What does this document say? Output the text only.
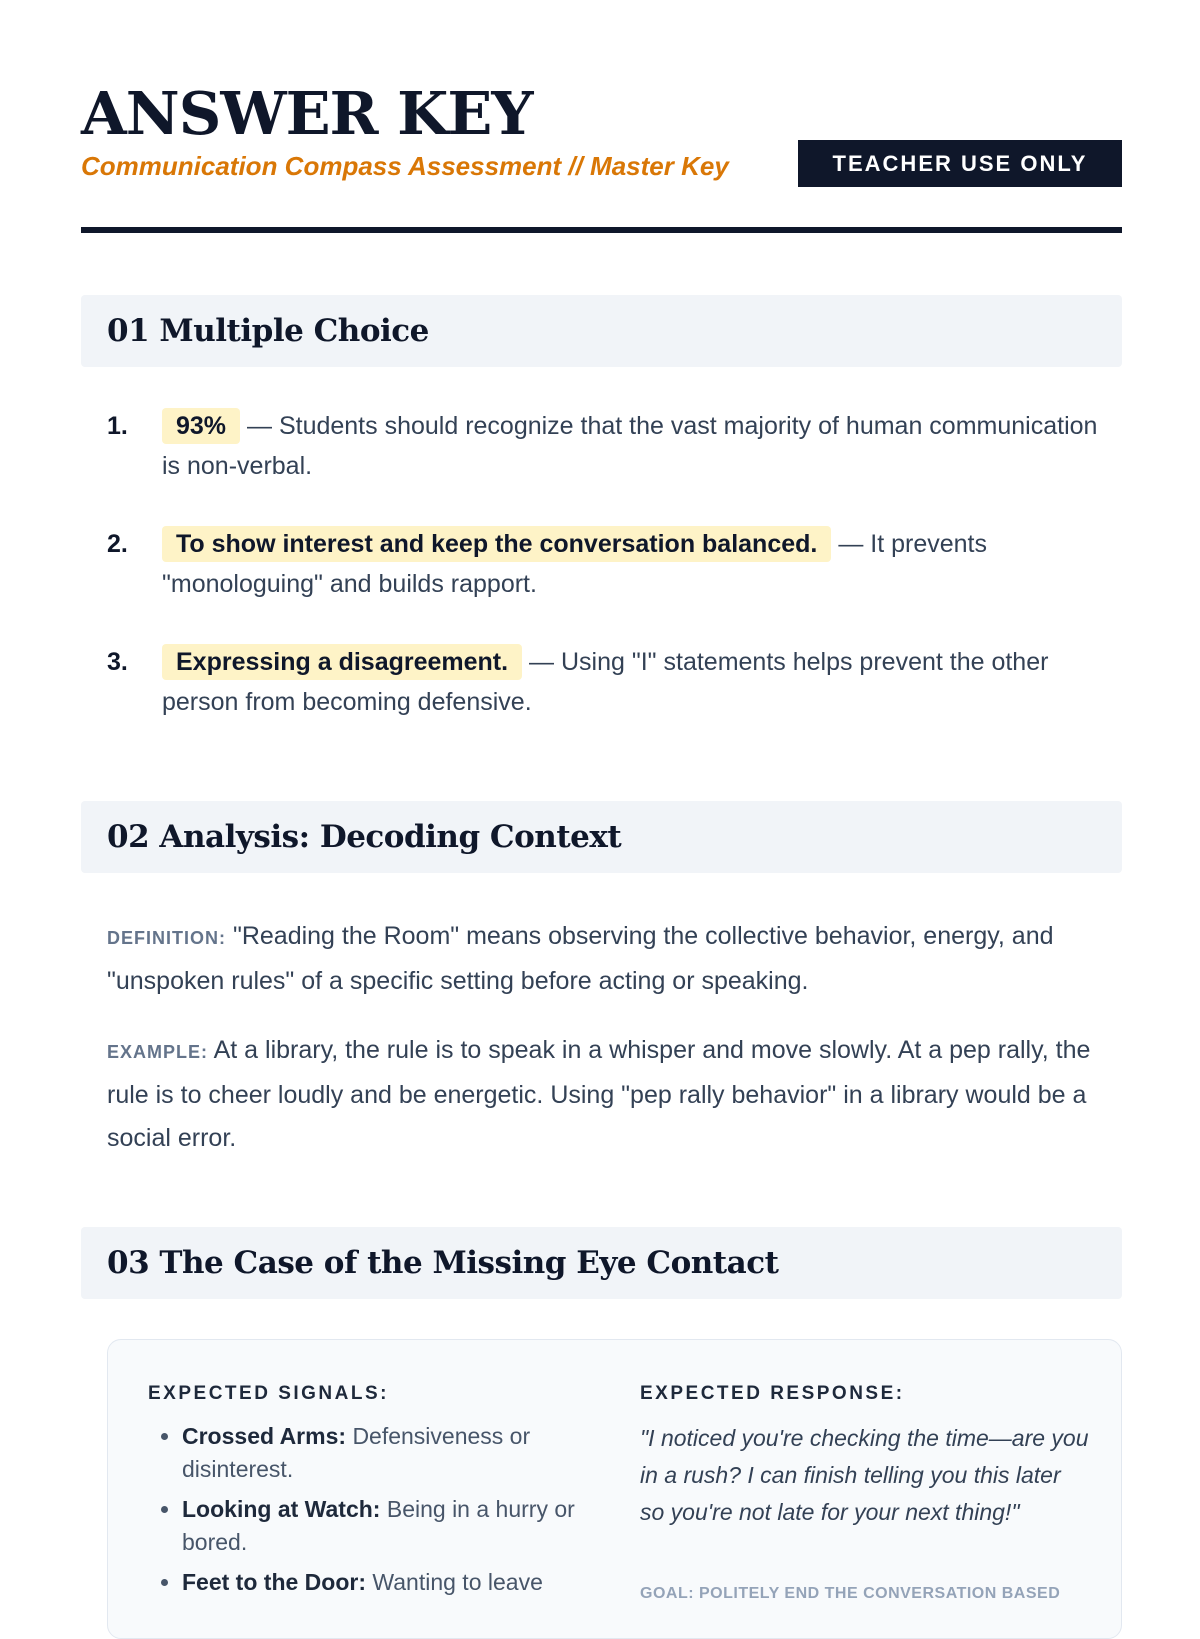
ANSWER KEY
Communication Compass Assessment // Master Key	TEACHER USE ONLY
01 Multiple Choice
1.	93% — Students should recognize that the vast majority of human communication is non-verbal.
2.	To show interest and keep the conversation balanced. — It prevents "monologuing" and builds rapport.
3.	Expressing a disagreement. — Using "I" statements helps prevent the other person from becoming defensive.
02 Analysis: Decoding Context
DEFINITION: "Reading the Room" means observing the collective behavior, energy, and "unspoken rules" of a specific setting before acting or speaking.
EXAMPLE: At a library, the rule is to speak in a whisper and move slowly. At a pep rally, the rule is to cheer loudly and be energetic. Using "pep rally behavior" in a library would be a social error.
03 The Case of the Missing Eye Contact
EXPECTED SIGNALS:
• Crossed Arms: Defensiveness or disinterest.
• Looking at Watch: Being in a hurry or bored.
• Feet to the Door: Wanting to leave
EXPECTED RESPONSE:
"I noticed you're checking the time—are you in a rush? I can finish telling you this later so you're not late for your next thing!"
GOAL: POLITELY END THE CONVERSATION BASED
